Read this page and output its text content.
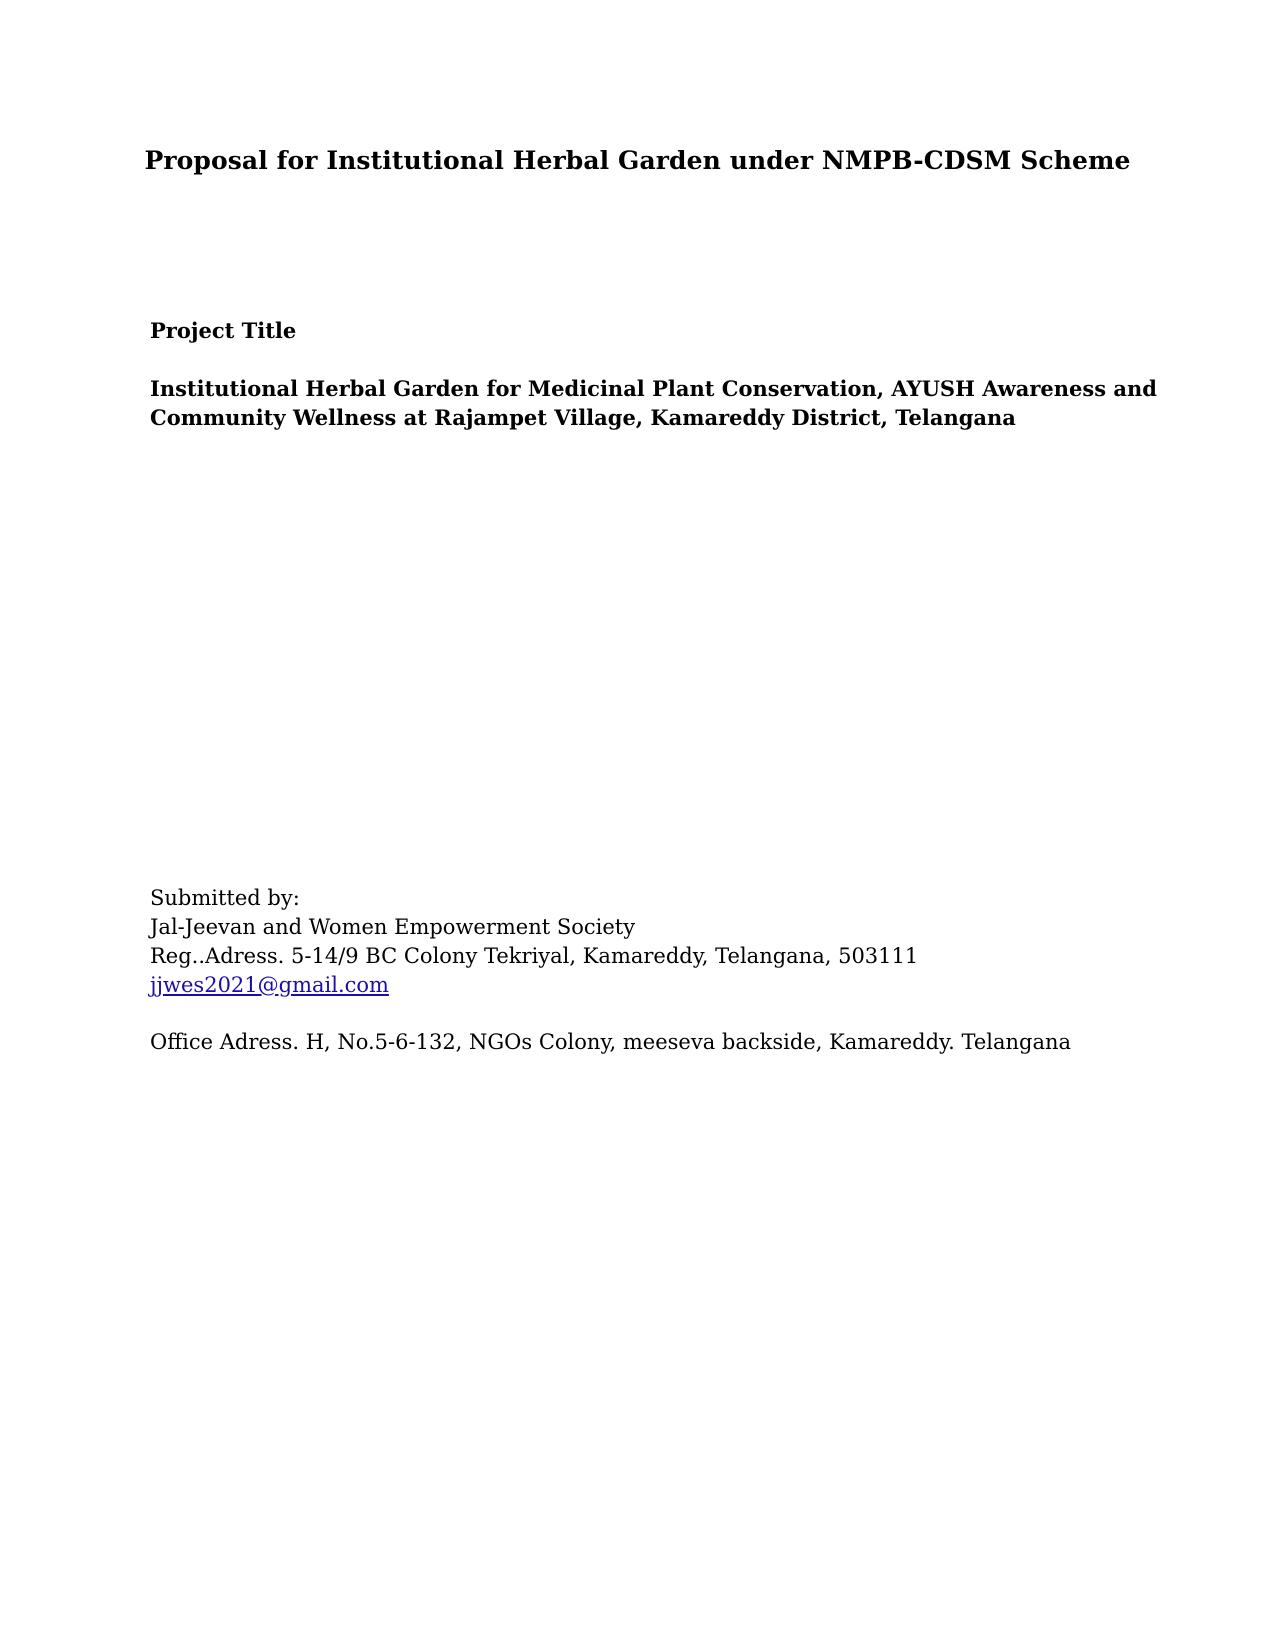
Proposal for Institutional Herbal Garden under NMPB-CDSM Scheme
Project Title

Institutional Herbal Garden for Medicinal Plant Conservation, AYUSH Awareness and
Community Wellness at Rajampet Village, Kamareddy District, Telangana

Submitted by:
Jal-Jeevan and Women Empowerment Society
Reg..Adress. 5-14/9 BC Colony Tekriyal, Kamareddy, Telangana, 503111
jjwes2021@gmail.com
Office Adress. H, No.5-6-132, NGOs Colony, meeseva backside, Kamareddy. Telangana
